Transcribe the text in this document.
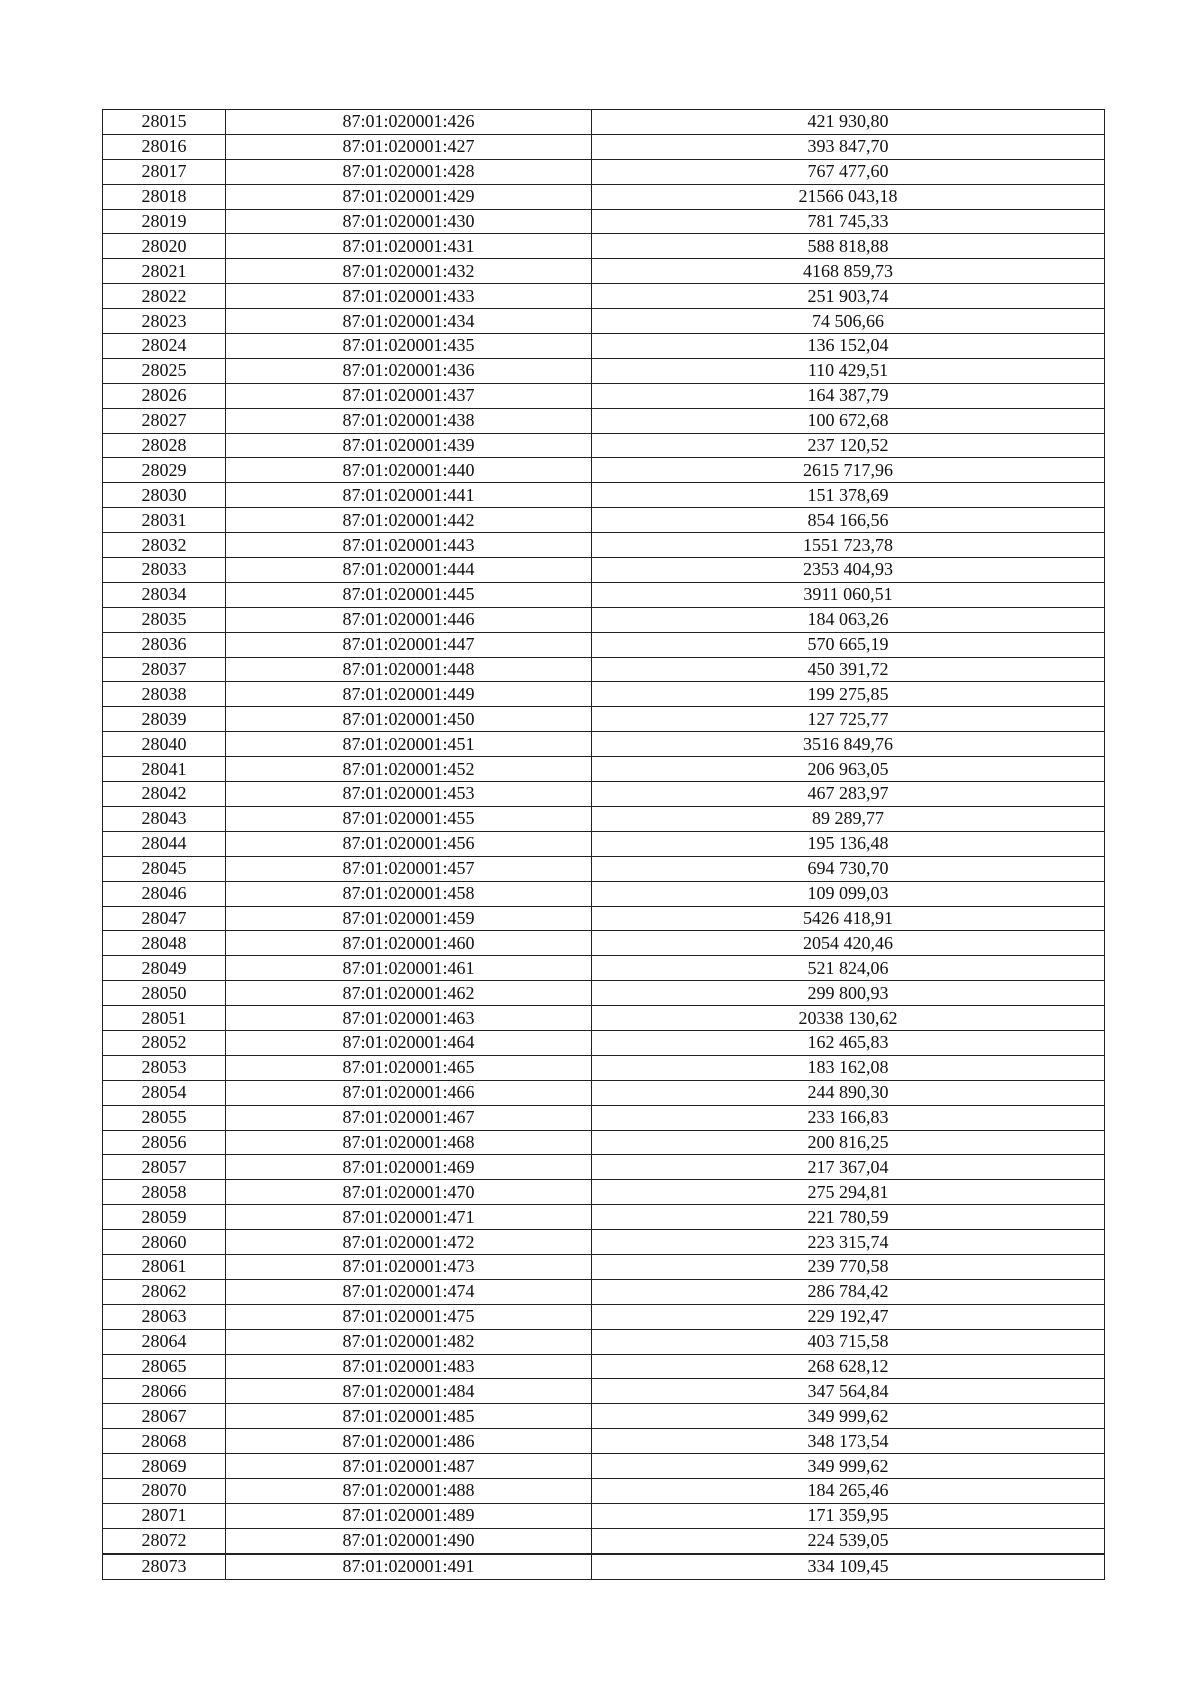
28015	87:01:020001:426	421 930,80
28016	87:01:020001:427	393 847,70
28017	87:01:020001:428	767 477,60
28018	87:01:020001:429	21566 043,18
28019	87:01:020001:430	781 745,33
28020	87:01:020001:431	588 818,88
28021	87:01:020001:432	4168 859,73
28022	87:01:020001:433	251 903,74
28023	87:01:020001:434	74 506,66
28024	87:01:020001:435	136 152,04
28025	87:01:020001:436	110 429,51
28026	87:01:020001:437	164 387,79
28027	87:01:020001:438	100 672,68
28028	87:01:020001:439	237 120,52
28029	87:01:020001:440	2615 717,96
28030	87:01:020001:441	151 378,69
28031	87:01:020001:442	854 166,56
28032	87:01:020001:443	1551 723,78
28033	87:01:020001:444	2353 404,93
28034	87:01:020001:445	3911 060,51
28035	87:01:020001:446	184 063,26
28036	87:01:020001:447	570 665,19
28037	87:01:020001:448	450 391,72
28038	87:01:020001:449	199 275,85
28039	87:01:020001:450	127 725,77
28040	87:01:020001:451	3516 849,76
28041	87:01:020001:452	206 963,05
28042	87:01:020001:453	467 283,97
28043	87:01:020001:455	89 289,77
28044	87:01:020001:456	195 136,48
28045	87:01:020001:457	694 730,70
28046	87:01:020001:458	109 099,03
28047	87:01:020001:459	5426 418,91
28048	87:01:020001:460	2054 420,46
28049	87:01:020001:461	521 824,06
28050	87:01:020001:462	299 800,93
28051	87:01:020001:463	20338 130,62
28052	87:01:020001:464	162 465,83
28053	87:01:020001:465	183 162,08
28054	87:01:020001:466	244 890,30
28055	87:01:020001:467	233 166,83
28056	87:01:020001:468	200 816,25
28057	87:01:020001:469	217 367,04
28058	87:01:020001:470	275 294,81
28059	87:01:020001:471	221 780,59
28060	87:01:020001:472	223 315,74
28061	87:01:020001:473	239 770,58
28062	87:01:020001:474	286 784,42
28063	87:01:020001:475	229 192,47
28064	87:01:020001:482	403 715,58
28065	87:01:020001:483	268 628,12
28066	87:01:020001:484	347 564,84
28067	87:01:020001:485	349 999,62
28068	87:01:020001:486	348 173,54
28069	87:01:020001:487	349 999,62
28070	87:01:020001:488	184 265,46
28071	87:01:020001:489	171 359,95
28072	87:01:020001:490	224 539,05
28073	87:01:020001:491	334 109,45
